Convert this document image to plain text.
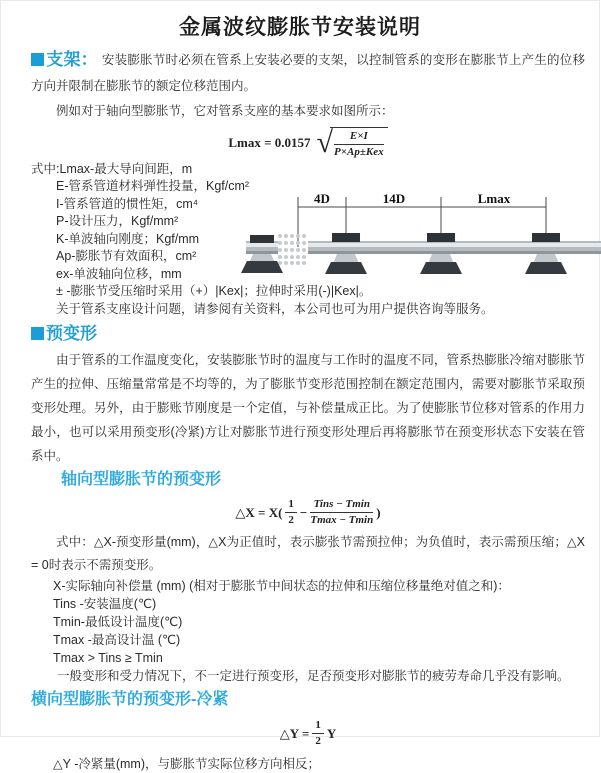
金属波纹膨胀节安装说明

支架： 安装膨胀节时必须在管系上安装必要的支架，以控制管系的变形在膨胀节上产生的位移方向并限制在膨胀节的额定位移范围内。

例如对于轴向型膨胀节，它对管系支座的基本要求如图所示：

Lmax = 0.0157 √ $\frac{E\times I}{\text{P×Ap±Kex}}$
式中:Lmax-最大导向间距，m
E-管系管道材料弹性投量，Kgf/cm²
I-管系管道的惯性矩，cm⁴
P-设计压力，Kgf/mm²
K-单波轴向刚度；Kgf/mm
Ap-膨胀节有效面积，cm²
ex-单波轴向位移，mm
± -膨胀节受压缩时采用（+）|Kex|；拉伸时采用(-)|Kex|。
关于管系支座设计问题，请参阅有关资料，本公司也可为用户提供咨询等服务。

预变形

由于管系的工作温度变化，安装膨胀节时的温度与工作时的温度不同，管系热膨胀冷缩对膨胀节产生的拉伸、压缩量常常是不均等的，为了膨胀节变形范围控制在额定范围内，需要对膨胀节采取预变形处理。另外，由于膨账节刚度是一个定值，与补偿量成正比。为了使膨胀节位移对管系的作用力最小，也可以采用预变形(冷紧)方让对膨胀节进行预变形处理后再将膨胀节在预变形状态下安装在管系中。

轴向型膨胀节的预变形
△X = $X( \frac{1}{2} - \frac{\text{Tins − Tmin}}{Tmax - Tmin}$ )

式中：△X-预变形量(mm)，△X为正值时，表示膨张节需预拉伸；为负值时，表示需预压缩；△X = 0时表示不需预变形。

X-实际轴向补偿量 (mm) (相对于膨胀节中间状态的拉伸和压缩位移量绝对值之和)：
Tins -安装温度(℃)
Tmin-最低设计温度(℃)
Tmax -最高设计温 (℃)
Tmax > Tins ≥ Tmin
一般变形和受力情况下，不一定进行预变形，足否预变形对膨胀节的疲劳寿命几乎没有影响。
横向型膨胀节的预变形-冷紧
△Y = $\frac{1}{2}$ Y
△Y -冷紧量(mm)，与膨胀节实际位移方向相反；
4D	14D	Lmax
